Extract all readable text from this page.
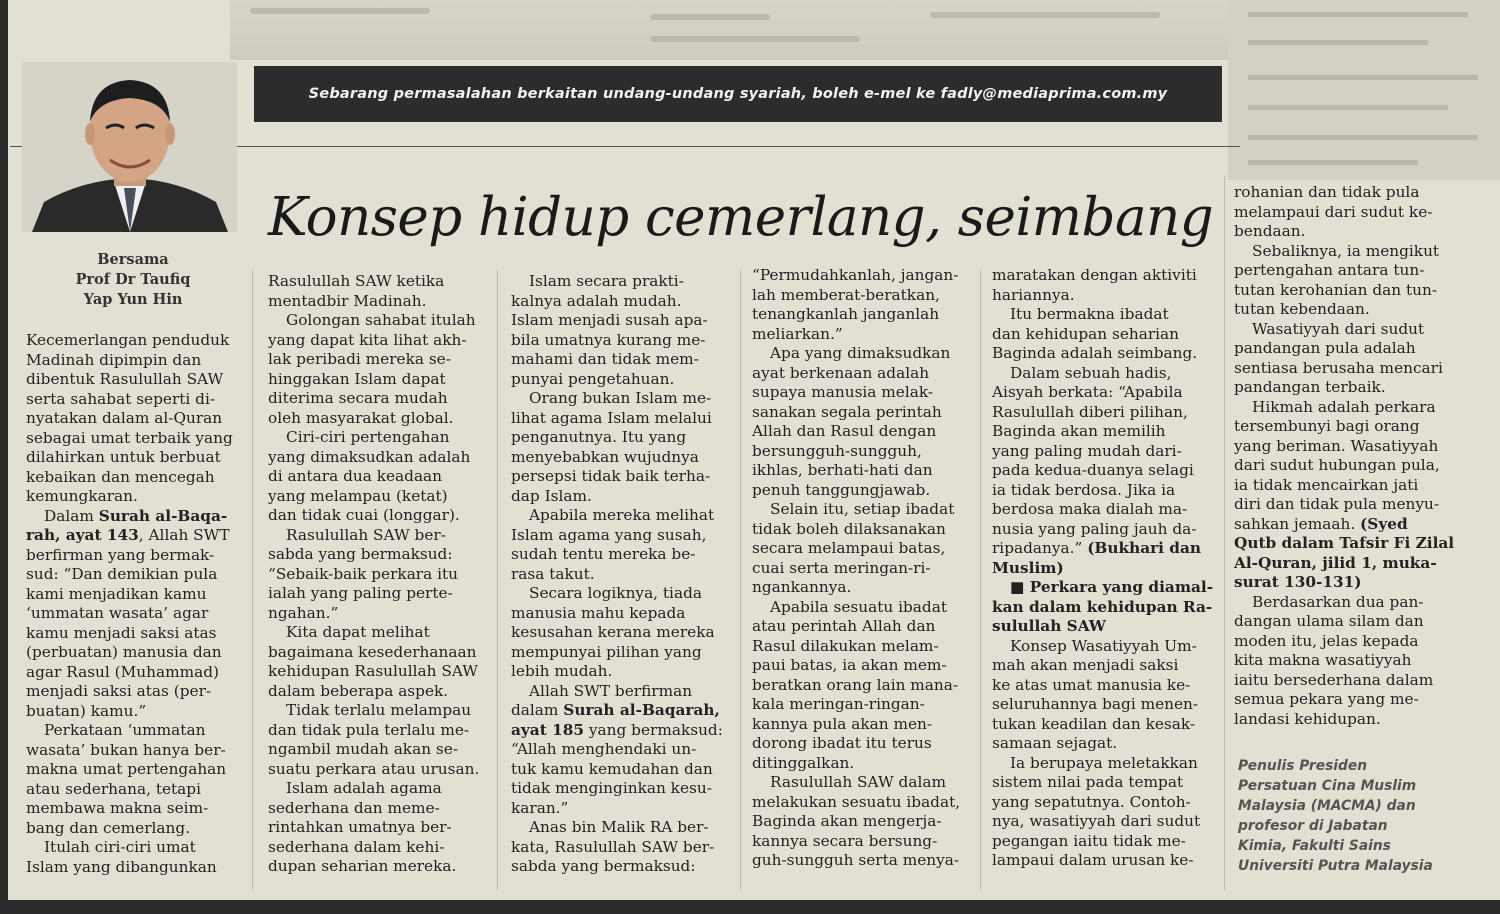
Sebarang permasalahan berkaitan undang-undang syariah, boleh e-mel ke fadly@mediaprima.com.my
Bersama
Prof Dr Taufiq
Yap Yun Hin
Konsep hidup cemerlang, seimbang

Kecemerlangan penduduk
Madinah dipimpin dan
dibentuk Rasulullah SAW
serta sahabat seperti di-
nyatakan dalam al-Quran
sebagai umat terbaik yang
dilahirkan untuk berbuat
kebaikan dan mencegah
kemungkaran.

Dalam Surah al-Baqa-
rah, ayat 143, Allah SWT
berfirman yang bermak-
sud: “Dan demikian pula
kami menjadikan kamu
‘ummatan wasata’ agar
kamu menjadi saksi atas
(perbuatan) manusia dan
agar Rasul (Muhammad)
menjadi saksi atas (per-
buatan) kamu.”

Perkataan ‘ummatan
wasata’ bukan hanya ber-
makna umat pertengahan
atau sederhana, tetapi
membawa makna seim-
bang dan cemerlang.

Itulah ciri-ciri umat
Islam yang dibangunkan

Rasulullah SAW ketika
mentadbir Madinah.

Golongan sahabat itulah
yang dapat kita lihat akh-
lak peribadi mereka se-
hinggakan Islam dapat
diterima secara mudah
oleh masyarakat global.

Ciri-ciri pertengahan
yang dimaksudkan adalah
di antara dua keadaan
yang melampau (ketat)
dan tidak cuai (longgar).

Rasulullah SAW ber-
sabda yang bermaksud:
“Sebaik-baik perkara itu
ialah yang paling perte-
ngahan.”

Kita dapat melihat
bagaimana kesederhanaan
kehidupan Rasulullah SAW
dalam beberapa aspek.

Tidak terlalu melampau
dan tidak pula terlalu me-
ngambil mudah akan se-
suatu perkara atau urusan.

Islam adalah agama
sederhana dan meme-
rintahkan umatnya ber-
sederhana dalam kehi-
dupan seharian mereka.

Islam secara prakti-
kalnya adalah mudah.
Islam menjadi susah apa-
bila umatnya kurang me-
mahami dan tidak mem-
punyai pengetahuan.

Orang bukan Islam me-
lihat agama Islam melalui
penganutnya. Itu yang
menyebabkan wujudnya
persepsi tidak baik terha-
dap Islam.

Apabila mereka melihat
Islam agama yang susah,
sudah tentu mereka be-
rasa takut.

Secara logiknya, tiada
manusia mahu kepada
kesusahan kerana mereka
mempunyai pilihan yang
lebih mudah.

Allah SWT berfirman
dalam Surah al-Baqarah,
ayat 185 yang bermaksud:
“Allah menghendaki un-
tuk kamu kemudahan dan
tidak menginginkan kesu-
karan.”

Anas bin Malik RA ber-
kata, Rasulullah SAW ber-
sabda yang bermaksud:

“Permudahkanlah, jangan-
lah memberat-beratkan,
tenangkanlah janganlah
meliarkan.”

Apa yang dimaksudkan
ayat berkenaan adalah
supaya manusia melak-
sanakan segala perintah
Allah dan Rasul dengan
bersungguh-sungguh,
ikhlas, berhati-hati dan
penuh tanggungjawab.

Selain itu, setiap ibadat
tidak boleh dilaksanakan
secara melampaui batas,
cuai serta meringan-ri-
ngankannya.

Apabila sesuatu ibadat
atau perintah Allah dan
Rasul dilakukan melam-
paui batas, ia akan mem-
beratkan orang lain mana-
kala meringan-ringan-
kannya pula akan men-
dorong ibadat itu terus
ditinggalkan.

Rasulullah SAW dalam
melakukan sesuatu ibadat,
Baginda akan mengerja-
kannya secara bersung-
guh-sungguh serta menya-

maratakan dengan aktiviti
hariannya.

Itu bermakna ibadat
dan kehidupan seharian
Baginda adalah seimbang.

Dalam sebuah hadis,
Aisyah berkata: “Apabila
Rasulullah diberi pilihan,
Baginda akan memilih
yang paling mudah dari-
pada kedua-duanya selagi
ia tidak berdosa. Jika ia
berdosa maka dialah ma-
nusia yang paling jauh da-
ripadanya.” (Bukhari dan
Muslim)

■ Perkara yang diamal-
kan dalam kehidupan Ra-
sulullah SAW

Konsep Wasatiyyah Um-
mah akan menjadi saksi
ke atas umat manusia ke-
seluruhannya bagi menen-
tukan keadilan dan kesak-
samaan sejagat.

Ia berupaya meletakkan
sistem nilai pada tempat
yang sepatutnya. Contoh-
nya, wasatiyyah dari sudut
pegangan iaitu tidak me-
lampaui dalam urusan ke-

rohanian dan tidak pula
melampaui dari sudut ke-
bendaan.

Sebaliknya, ia mengikut
pertengahan antara tun-
tutan kerohanian dan tun-
tutan kebendaan.

Wasatiyyah dari sudut
pandangan pula adalah
sentiasa berusaha mencari
pandangan terbaik.

Hikmah adalah perkara
tersembunyi bagi orang
yang beriman. Wasatiyyah
dari sudut hubungan pula,
ia tidak mencairkan jati
diri dan tidak pula menyu-
sahkan jemaah. (Syed
Qutb dalam Tafsir Fi Zilal
Al-Quran, jilid 1, muka-
surat 130-131)

Berdasarkan dua pan-
dangan ulama silam dan
moden itu, jelas kepada
kita makna wasatiyyah
iaitu bersederhana dalam
semua pekara yang me-
landasi kehidupan.

Penulis Presiden
Persatuan Cina Muslim
Malaysia (MACMA) dan
profesor di Jabatan
Kimia, Fakulti Sains
Universiti Putra Malaysia
